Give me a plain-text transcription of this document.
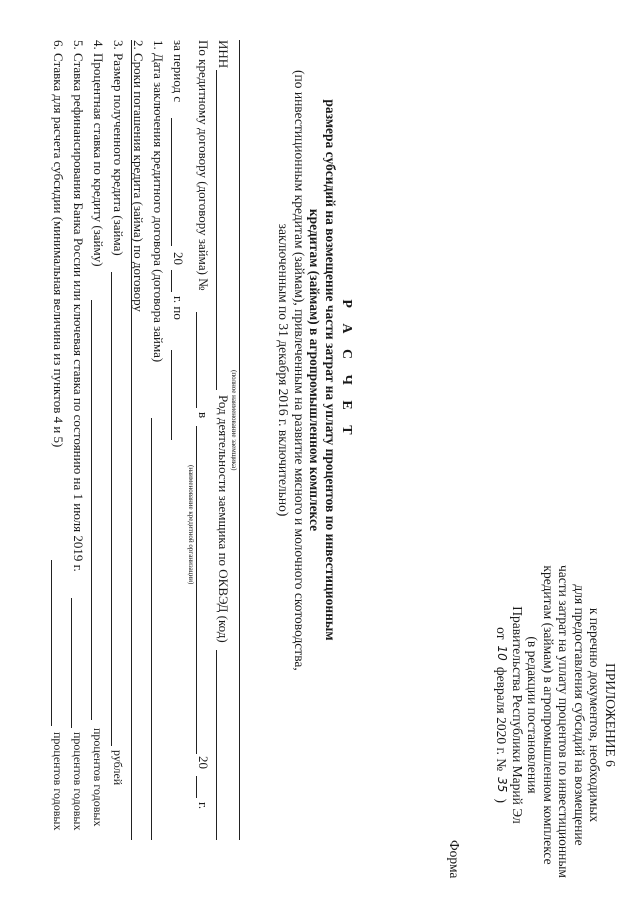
ПРИЛОЖЕНИЕ 6
к перечню документов, необходимых
для предоставления субсидий на возмещение
части затрат на уплату процентов по инвестиционным
кредитам (займам) в агропромышленном комплексе
(в редакции постановления
Правительства Республики Марий Эл
от
10
февраля 2020 г. №
35
)
Форма
Р А С Ч Е Т
размера субсидий на возмещение части затрат на уплату процентов по инвестиционным
кредитам (займам) в агропромышленном комплексе
(по инвестиционным кредитам (займам), привлеченным на развитие мясного и молочного скотоводства,
заключенным по 31 декабря 2016 г. включительно)
(полное наименование заемщика)
ИНН
Род деятельности заемщика по ОКВЭД (код)
По кредитному договору (договору займа) №
в
(наименование кредитной организации)
20
г.
за период с
20
г. по
1. Дата заключения кредитного договора (договора займа)
2. Сроки погашения кредита (займа) по договору
3. Размер полученного кредита (займа)
рублей
4. Процентная ставка по кредиту (займу)
процентов годовых
5. Ставка рефинансирования Банка России или ключевая ставка по состоянию на 1 июля 2019 г.
процентов годовых
6. Ставка для расчета субсидии (минимальная величина из пунктов 4 и 5)
процентов годовых
